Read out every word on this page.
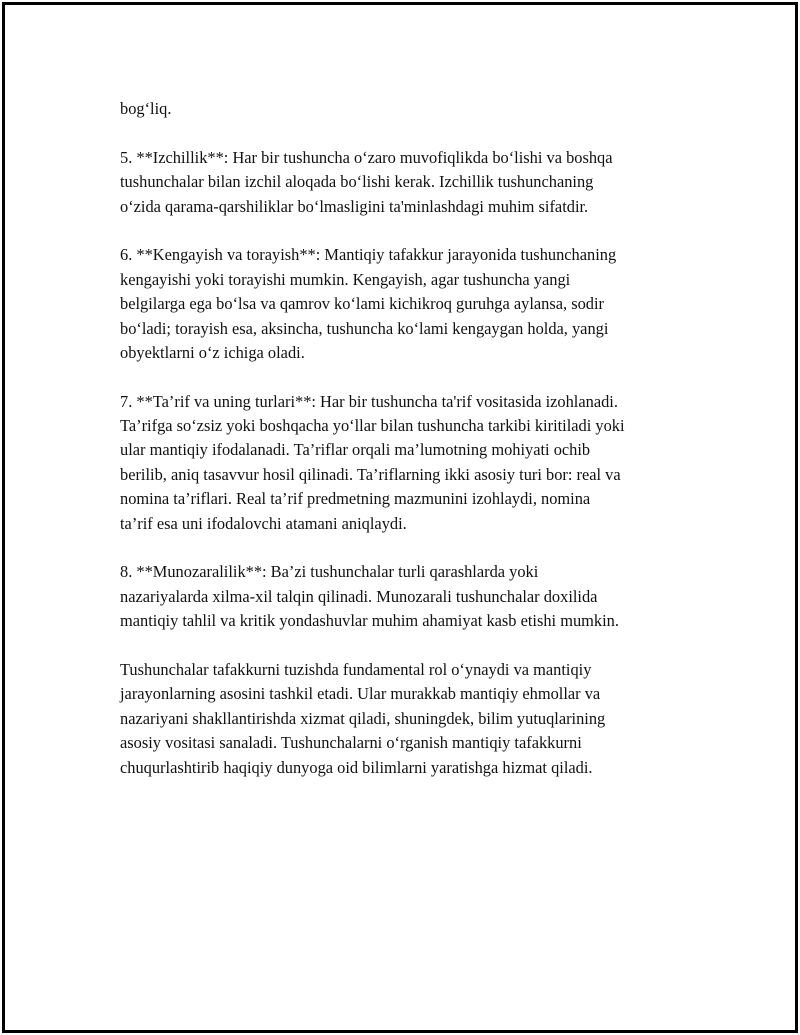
bog‘liq.
5. **Izchillik**: Har bir tushuncha o‘zaro muvofiqlikda bo‘lishi va boshqa
tushunchalar bilan izchil aloqada bo‘lishi kerak. Izchillik tushunchaning
o‘zida qarama-qarshiliklar bo‘lmasligini ta'minlashdagi muhim sifatdir.
6. **Kengayish va torayish**: Mantiqiy tafakkur jarayonida tushunchaning
kengayishi yoki torayishi mumkin. Kengayish, agar tushuncha yangi
belgilarga ega bo‘lsa va qamrov ko‘lami kichikroq guruhga aylansa, sodir
bo‘ladi; torayish esa, aksincha, tushuncha ko‘lami kengaygan holda, yangi
obyektlarni o‘z ichiga oladi.
7. **Ta’rif va uning turlari**: Har bir tushuncha ta'rif vositasida izohlanadi.
Ta’rifga so‘zsiz yoki boshqacha yo‘llar bilan tushuncha tarkibi kiritiladi yoki
ular mantiqiy ifodalanadi. Ta’riflar orqali ma’lumotning mohiyati ochib
berilib, aniq tasavvur hosil qilinadi. Ta’riflarning ikki asosiy turi bor: real va
nomina ta’riflari. Real ta’rif predmetning mazmunini izohlaydi, nomina
ta’rif esa uni ifodalovchi atamani aniqlaydi.
8. **Munozaralilik**: Ba’zi tushunchalar turli qarashlarda yoki
nazariyalarda xilma-xil talqin qilinadi. Munozarali tushunchalar doxilida
mantiqiy tahlil va kritik yondashuvlar muhim ahamiyat kasb etishi mumkin.
Tushunchalar tafakkurni tuzishda fundamental rol o‘ynaydi va mantiqiy
jarayonlarning asosini tashkil etadi. Ular murakkab mantiqiy ehmollar va
nazariyani shakllantirishda xizmat qiladi, shuningdek, bilim yutuqlarining
asosiy vositasi sanaladi. Tushunchalarni o‘rganish mantiqiy tafakkurni
chuqurlashtirib haqiqiy dunyoga oid bilimlarni yaratishga hizmat qiladi.
